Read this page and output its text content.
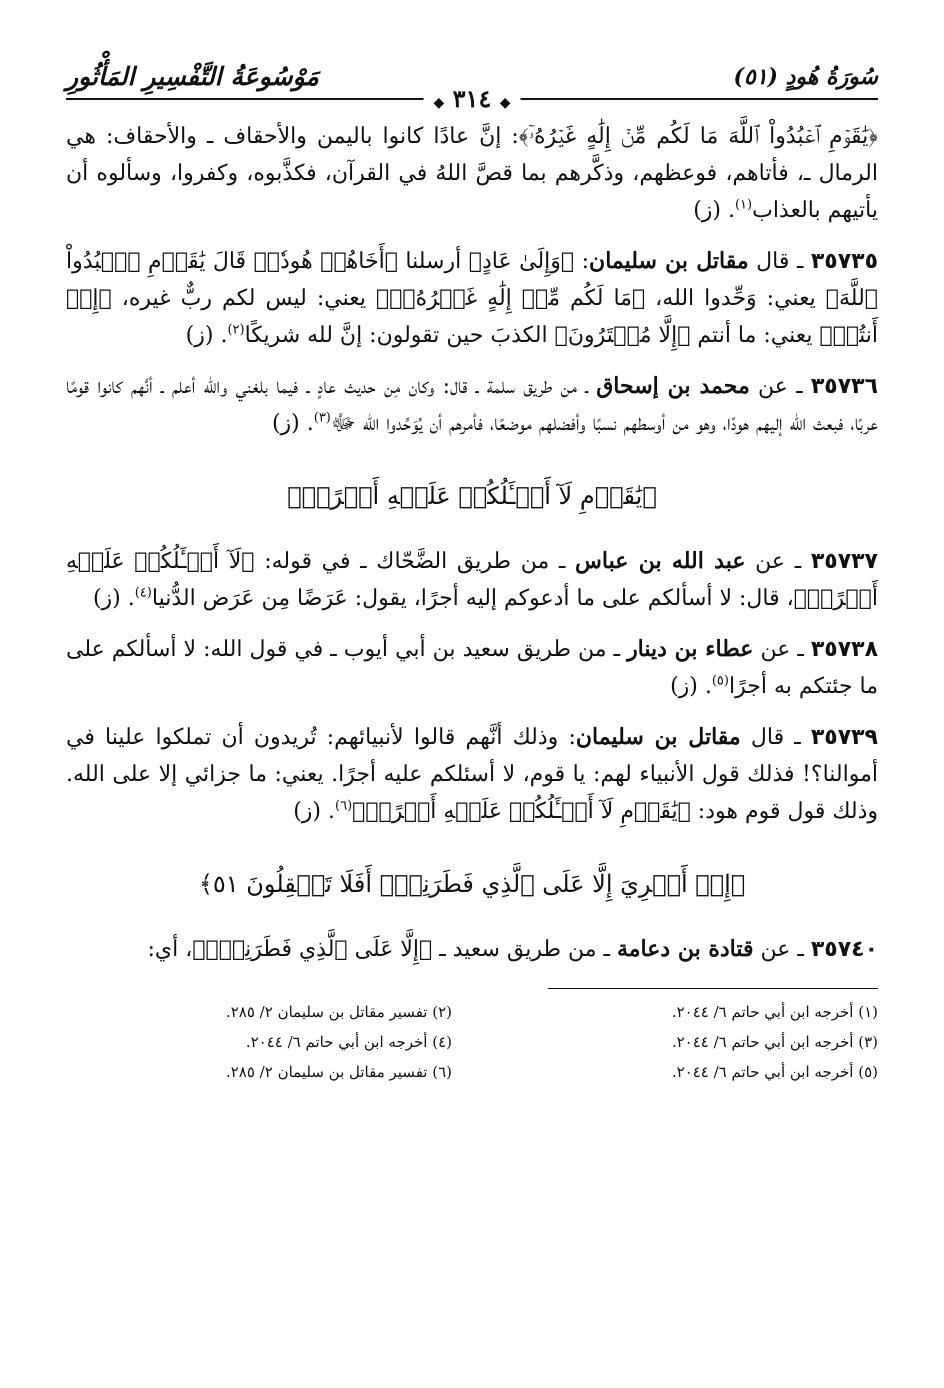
مَوْسُوعَةُ التَّفْسِيرِ المَأْثُورِ	سُورَةُ هُودٍ (٥١)
◆ ٣١٤ ◆

﴿يَٰقَوۡمِ ٱعۡبُدُواْ ٱللَّهَ مَا لَكُم مِّنۡ إِلَٰهٍ غَيۡرُهُۥٓ﴾: إنَّ عادًا كانوا باليمن والأحقاف ـ والأحقاف: هي الرمال ـ، فأتاهم، فوعظهم، وذكَّرهم بما قصَّ اللهُ في القرآن، فكذَّبوه، وكفروا، وسألوه أن يأتيهم بالعذاب$^{(١)}$. (ز)

٣٥٧٣٥ ـ قال مقاتل بن سليمان: ﴿وَإِلَىٰ عَادٍ﴾ أرسلنا ﴿أَخَاهُمۡ هُودٗاۚ قَالَ يَٰقَوۡمِ ٱعۡبُدُواْ ٱللَّهَ﴾ يعني: وَحِّدوا الله، ﴿مَا لَكُم مِّنۡ إِلَٰهٍ غَيۡرُهُۥٓ﴾ يعني: ليس لكم ربٌّ غيره، ﴿إِنۡ أَنتُمۡ﴾ يعني: ما أنتم ﴿إِلَّا مُفۡتَرُونَ﴾ الكذبَ حين تقولون: إنَّ لله شريكًا$^{(٢)}$. (ز)

٣٥٧٣٦ ـ عن محمد بن إسحاق ـ من طريق سلمة ـ قال: وكان مِن حديث عادٍ ـ فيما بلغني والله أعلم ـ أنَّهم كانوا قومًا عربًا، فبعث الله إليهم هودًا، وهو من أوسطهم نسبًا وأفضلهم موضعًا، فأمرهم أن يُوَحِّدوا الله ﷻ$^{(٣)}$. (ز)

﴿يَٰقَوۡمِ لَآ أَسۡـَٔلُكُمۡ عَلَيۡهِ أَجۡرًاۖ﴾

٣٥٧٣٧ ـ عن عبد الله بن عباس ـ من طريق الضَّحّاك ـ في قوله: ﴿لَآ أَسۡـَٔلُكُمۡ عَلَيۡهِ أَجۡرًاۖ﴾، قال: لا أسألكم على ما أدعوكم إليه أجرًا، يقول: عَرَضًا مِن عَرَض الدُّنيا$^{(٤)}$. (ز)

٣٥٧٣٨ ـ عن عطاء بن دينار ـ من طريق سعيد بن أبي أيوب ـ في قول الله: لا أسألكم على ما جئتكم به أجرًا$^{(٥)}$. (ز)

٣٥٧٣٩ ـ قال مقاتل بن سليمان: وذلك أنَّهم قالوا لأنبيائهم: تُريدون أن تملكوا علينا في أموالنا؟! فذلك قول الأنبياء لهم: يا قوم، لا أسئلكم عليه أجرًا. يعني: ما جزائي إلا على الله. وذلك قول قوم هود: ﴿يَٰقَوۡمِ لَآ أَسۡـَٔلُكُمۡ عَلَيۡهِ أَجۡرًاۖ﴾$^{(٦)}$. (ز)

﴿إِنۡ أَجۡرِيَ إِلَّا عَلَى ٱلَّذِي فَطَرَنِيٓۚ أَفَلَا تَعۡقِلُونَ ٥١﴾

٣٥٧٤٠ ـ عن قتادة بن دعامة ـ من طريق سعيد ـ ﴿إِلَّا عَلَى ٱلَّذِي فَطَرَنِيٓۚ﴾، أي:

(١) أخرجه ابن أبي حاتم ٦/ ٢٠٤٤.
(٢) تفسير مقاتل بن سليمان ٢/ ٢٨٥.
(٣) أخرجه ابن أبي حاتم ٦/ ٢٠٤٤.
(٤) أخرجه ابن أبي حاتم ٦/ ٢٠٤٤.
(٥) أخرجه ابن أبي حاتم ٦/ ٢٠٤٤.
(٦) تفسير مقاتل بن سليمان ٢/ ٢٨٥.
